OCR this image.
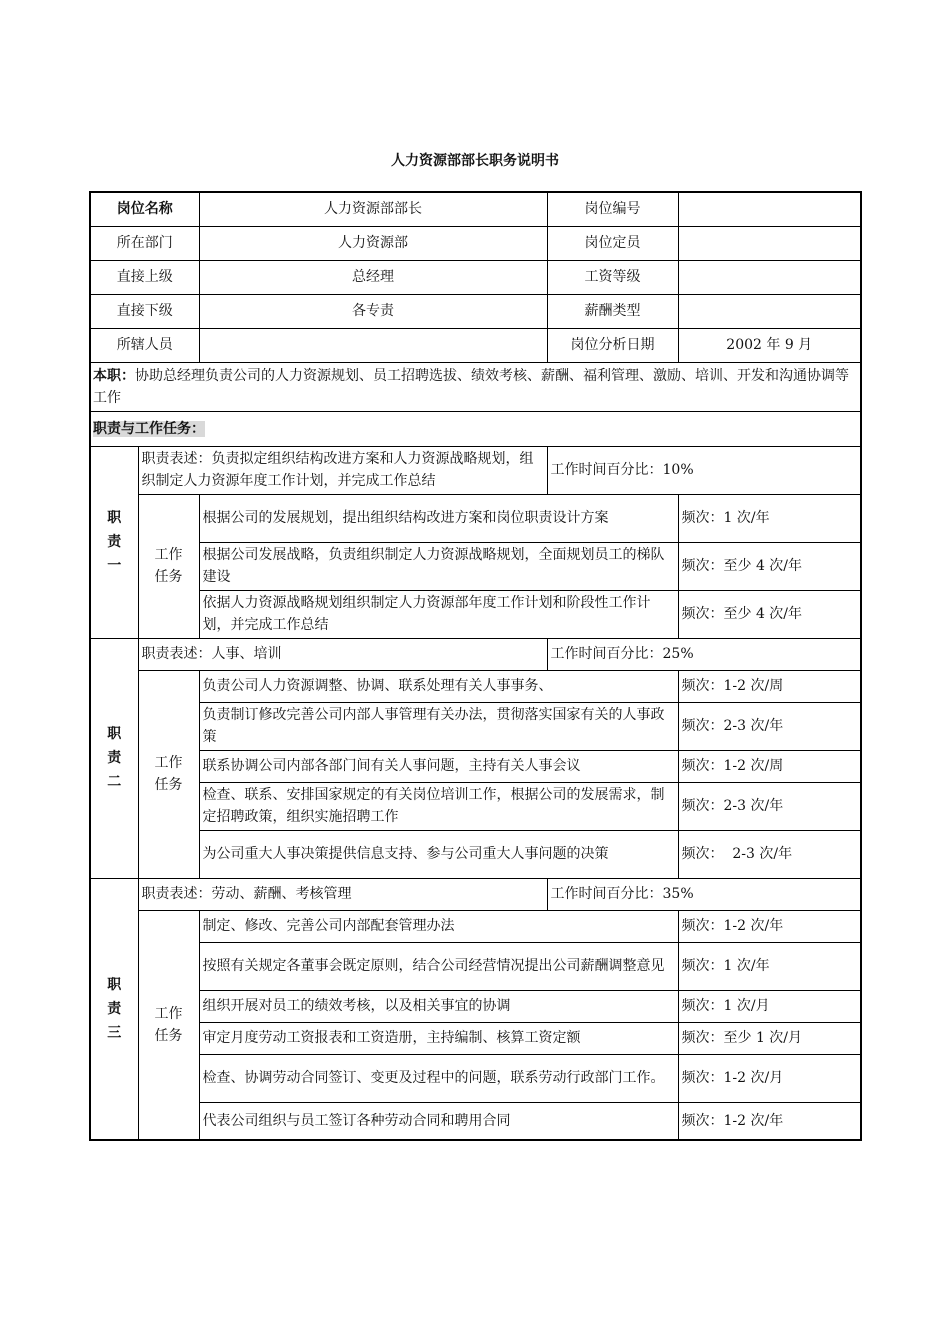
人力资源部部长职务说明书
岗位名称		人力资源部部长	岗位编号	
所在部门		人力资源部	岗位定员	
直接上级		总经理	工资等级	
直接下级		各专责	薪酬类型	
所辖人员			岗位分析日期	2002 年 9 月
本职：协助总经理负责公司的人力资源规划、员工招聘选拔、绩效考核、薪酬、福利管理、激励、培训、开发和沟通协调等工作				
职责与工作任务：				

职
责
一	职责表述：负责拟定组织结构改进方案和人力资源战略规划，组织制定人力资源年度工作计划，并完成工作总结		工作时间百分比：10%	
	工作
任务	根据公司的发展规划，提出组织结构改进方案和岗位职责设计方案		频次：1 次/年
		根据公司发展战略，负责组织制定人力资源战略规划，全面规划员工的梯队建设		频次：至少 4 次/年
		依据人力资源战略规划组织制定人力资源部年度工作计划和阶段性工作计划，并完成工作总结		频次：至少 4 次/年

职
责
二	职责表述：人事、培训		工作时间百分比：25%	
	工作
任务	负责公司人力资源调整、协调、联系处理有关人事事务、		频次：1-2 次/周
		负责制订修改完善公司内部人事管理有关办法，贯彻落实国家有关的人事政策		频次：2-3 次/年
		联系协调公司内部各部门间有关人事问题，主持有关人事会议		频次：1-2 次/周
		检查、联系、安排国家规定的有关岗位培训工作，根据公司的发展需求，制定招聘政策，组织实施招聘工作		频次：2-3 次/年
		为公司重大人事决策提供信息支持、参与公司重大人事问题的决策		频次：  2-3 次/年

职
责
三	职责表述：劳动、薪酬、考核管理		工作时间百分比：35%	
	工作
任务	制定、修改、完善公司内部配套管理办法		频次：1-2 次/年
		按照有关规定各董事会既定原则，结合公司经营情况提出公司薪酬调整意见		频次：1 次/年
		组织开展对员工的绩效考核，以及相关事宜的协调		频次：1 次/月
		审定月度劳动工资报表和工资造册，主持编制、核算工资定额		频次：至少 1 次/月
		检查、协调劳动合同签订、变更及过程中的问题，联系劳动行政部门工作。		频次：1-2 次/月
		代表公司组织与员工签订各种劳动合同和聘用合同		频次：1-2 次/年
